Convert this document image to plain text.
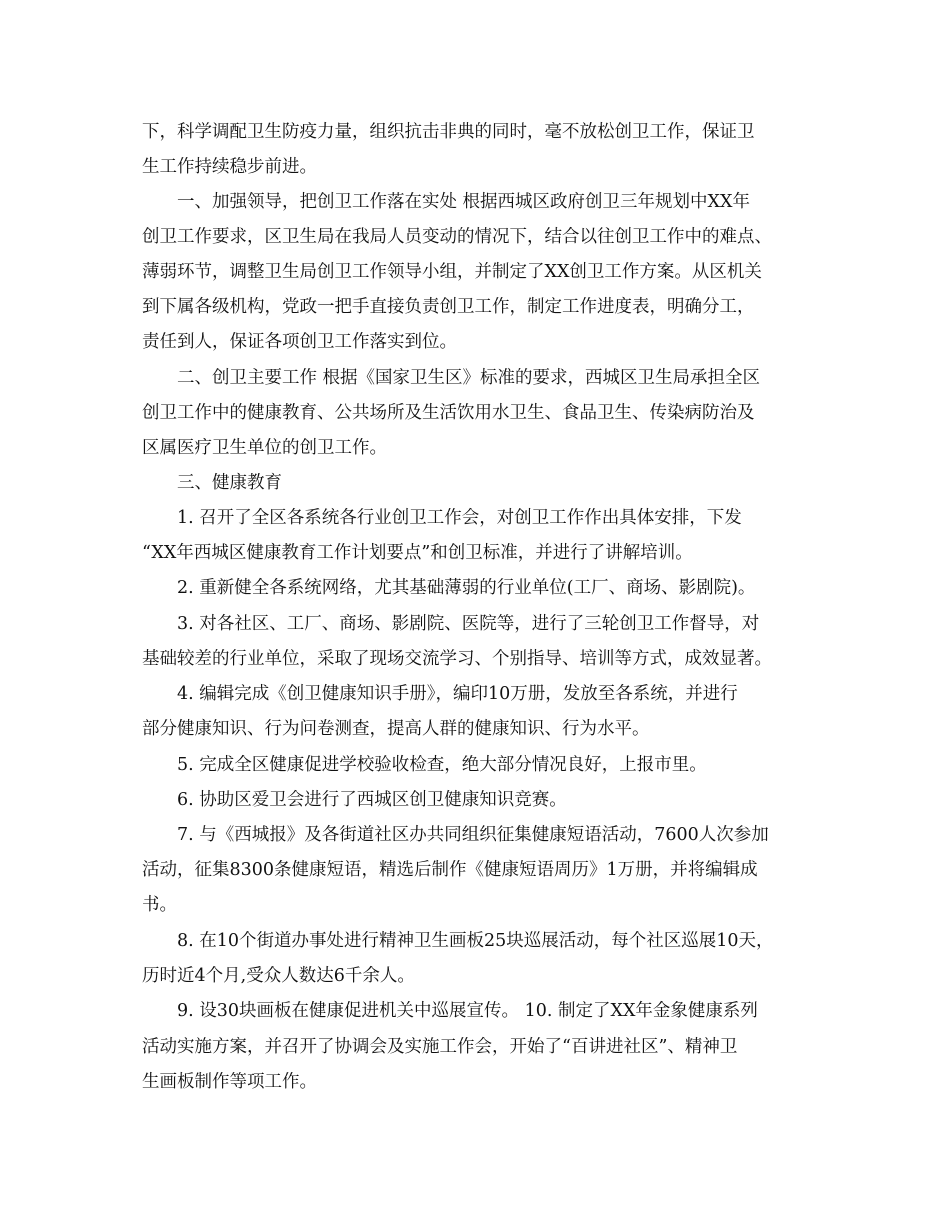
下，科学调配卫生防疫力量，组织抗击非典的同时，毫不放松创卫工作，保证卫

生工作持续稳步前进。

一、加强领导，把创卫工作落在实处 根据西城区政府创卫三年规划中XX年

创卫工作要求，区卫生局在我局人员变动的情况下，结合以往创卫工作中的难点、

薄弱环节，调整卫生局创卫工作领导小组，并制定了XX创卫工作方案。从区机关

到下属各级机构，党政一把手直接负责创卫工作，制定工作进度表，明确分工，

责任到人，保证各项创卫工作落实到位。

二、创卫主要工作 根据《国家卫生区》标准的要求，西城区卫生局承担全区

创卫工作中的健康教育、公共场所及生活饮用水卫生、食品卫生、传染病防治及

区属医疗卫生单位的创卫工作。

三、健康教育

1. 召开了全区各系统各行业创卫工作会，对创卫工作作出具体安排，下发

“XX年西城区健康教育工作计划要点”和创卫标准，并进行了讲解培训。

2. 重新健全各系统网络，尤其基础薄弱的行业单位(工厂、商场、影剧院)。

3. 对各社区、工厂、商场、影剧院、医院等，进行了三轮创卫工作督导，对

基础较差的行业单位，采取了现场交流学习、个别指导、培训等方式，成效显著。

4. 编辑完成《创卫健康知识手册》，编印10万册，发放至各系统，并进行

部分健康知识、行为问卷测查，提高人群的健康知识、行为水平。

5. 完成全区健康促进学校验收检查，绝大部分情况良好，上报市里。

6. 协助区爱卫会进行了西城区创卫健康知识竞赛。

7. 与《西城报》及各街道社区办共同组织征集健康短语活动，7600人次参加

活动，征集8300条健康短语，精选后制作《健康短语周历》1万册，并将编辑成

书。

8. 在10个街道办事处进行精神卫生画板25块巡展活动，每个社区巡展10天，

历时近4个月,受众人数达6千余人。

9. 设30块画板在健康促进机关中巡展宣传。 10. 制定了XX年金象健康系列

活动实施方案，并召开了协调会及实施工作会，开始了“百讲进社区”、精神卫

生画板制作等项工作。
